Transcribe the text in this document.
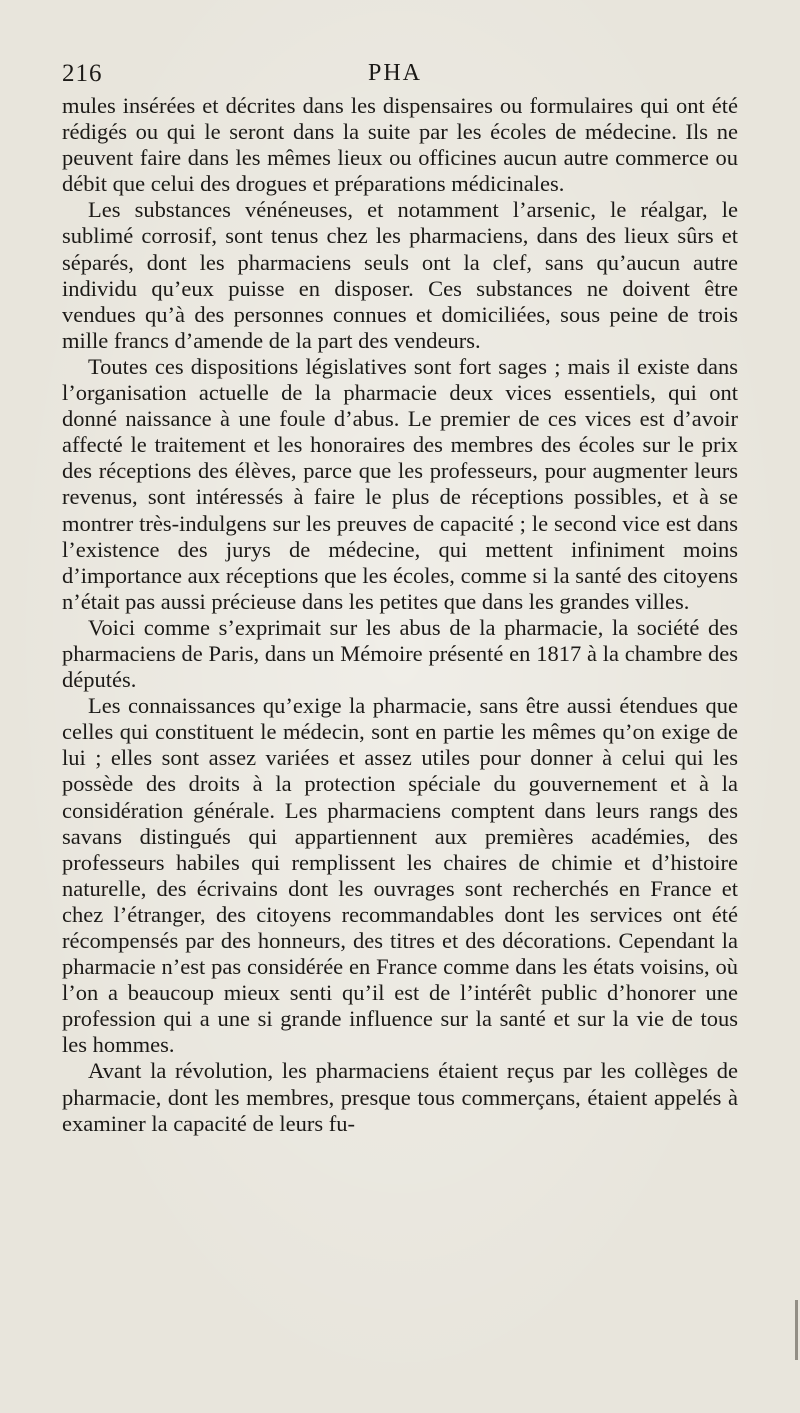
216	PHA

mules insérées et décrites dans les dispensaires ou formulaires qui ont été rédigés ou qui le seront dans la suite par les écoles de médecine. Ils ne peuvent faire dans les mêmes lieux ou officines aucun autre commerce ou débit que celui des drogues et préparations médicinales.

Les substances vénéneuses, et notamment l’arsenic, le réalgar, le sublimé corrosif, sont tenus chez les pharmaciens, dans des lieux sûrs et séparés, dont les pharmaciens seuls ont la clef, sans qu’aucun autre individu qu’eux puisse en disposer. Ces substances ne doivent être vendues qu’à des personnes connues et domiciliées, sous peine de trois mille francs d’amende de la part des vendeurs.

Toutes ces dispositions législatives sont fort sages ; mais il existe dans l’organisation actuelle de la pharmacie deux vices essentiels, qui ont donné naissance à une foule d’abus. Le premier de ces vices est d’avoir affecté le traitement et les honoraires des membres des écoles sur le prix des réceptions des élèves, parce que les professeurs, pour augmenter leurs revenus, sont intéressés à faire le plus de réceptions possibles, et à se montrer très-indulgens sur les preuves de capacité ; le second vice est dans l’existence des jurys de médecine, qui mettent infiniment moins d’importance aux réceptions que les écoles, comme si la santé des citoyens n’était pas aussi précieuse dans les petites que dans les grandes villes.

Voici comme s’exprimait sur les abus de la pharmacie, la société des pharmaciens de Paris, dans un Mémoire présenté en 1817 à la chambre des députés.

Les connaissances qu’exige la pharmacie, sans être aussi étendues que celles qui constituent le médecin, sont en partie les mêmes qu’on exige de lui ; elles sont assez variées et assez utiles pour donner à celui qui les possède des droits à la protection spéciale du gouvernement et à la considération générale. Les pharmaciens comptent dans leurs rangs des savans distingués qui appartiennent aux premières académies, des professeurs habiles qui remplissent les chaires de chimie et d’histoire naturelle, des écrivains dont les ouvrages sont recherchés en France et chez l’étranger, des citoyens recommandables dont les services ont été récompensés par des honneurs, des titres et des décorations. Cependant la pharmacie n’est pas considérée en France comme dans les états voisins, où l’on a beaucoup mieux senti qu’il est de l’intérêt public d’honorer une profession qui a une si grande influence sur la santé et sur la vie de tous les hommes.

Avant la révolution, les pharmaciens étaient reçus par les collèges de pharmacie, dont les membres, presque tous commerçans, étaient appelés à examiner la capacité de leurs fu-
